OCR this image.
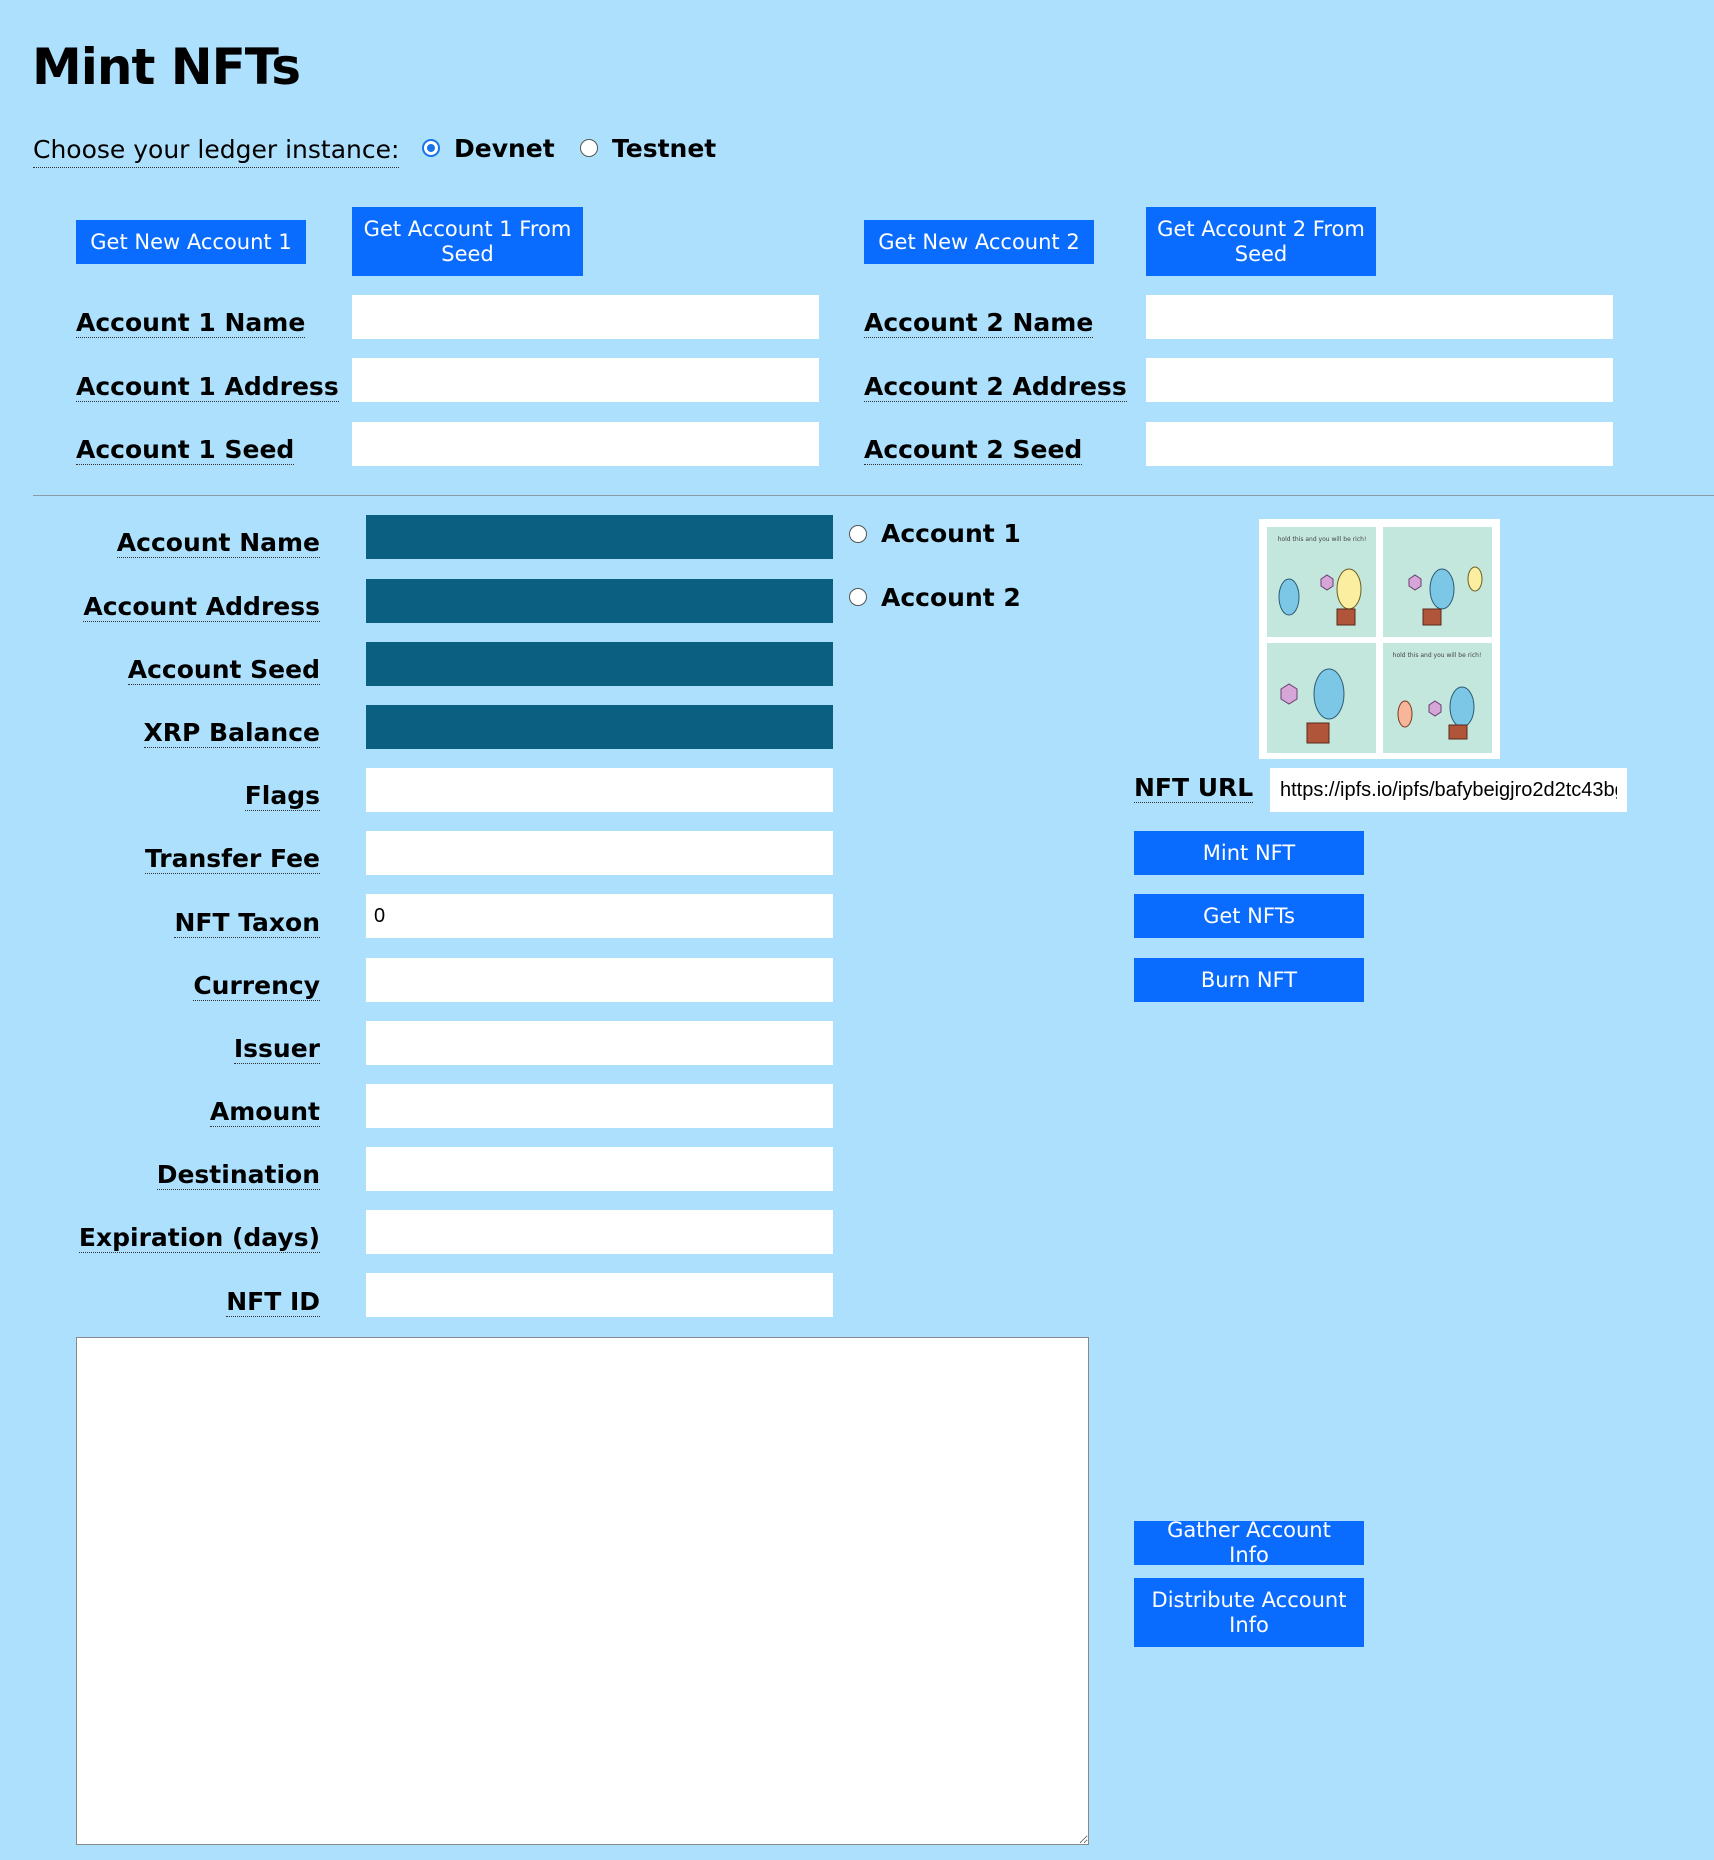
Mint NFTs
Choose your ledger instance: Devnet Testnet
Get New Account 1
Get Account 1 From Seed	Get New Account 2
Get Account 2 From Seed
Account 1 Name
Account 1 Address
Account 1 Seed
Account 2 Name
Account 2 Address
Account 2 Seed
Account Name
Account Address
Account Seed
XRP Balance
Flags
Transfer Fee
NFT Taxon
0
Currency
Issuer
Amount
Destination
Expiration (days)
NFT ID
Account 1
Account 2
hold this and you will be rich!
hold this and you will be rich!
NFT URL
https://ipfs.io/ipfs/bafybeigjro2d2tc43bgv7e4sxqg7f5sma6cj4p3pnfhvuwtmzqjjc4hy3a
Mint NFT
Get NFTs
Burn NFT
Gather Account Info
Distribute Account Info
